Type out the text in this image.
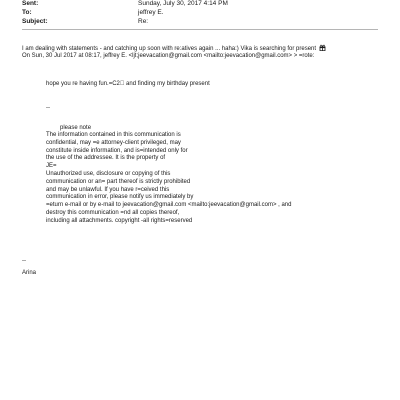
Sent:	Sunday, July 30, 2017 4:14 PM
To:	jeffrey E.
Subject:	Re:
I am dealing with statements - and catching up soon with re:atives again ... haha:) Vika is searching for present
On Sun, 30 Jul 2017 at 08:17, jeffrey E. <ljt;jeevacation@gmail.com <mailto:jeevacation@gmail.com> > =rote:
hope you re having fun.=C2  and finding my birthday present
--
please note
The information contained in this communication is
confidential, may =e attorney-client privileged, may
constitute inside information, and is=intended only for
the use of the addressee. It is the property of
JE=
Unauthorized use, disclosure or copying of this
communication or an= part thereof is strictly prohibited
and may be unlawful. If you have r=ceived this
communication in error, please notify us immediately by
=eturn e-mail or by e-mail to jeevacation@gmail.com <mailto:jeevacation@gmail.com> , and
destroy this communication =nd all copies thereof,
including all attachments. copyright -all rights=reserved
--
Arina
